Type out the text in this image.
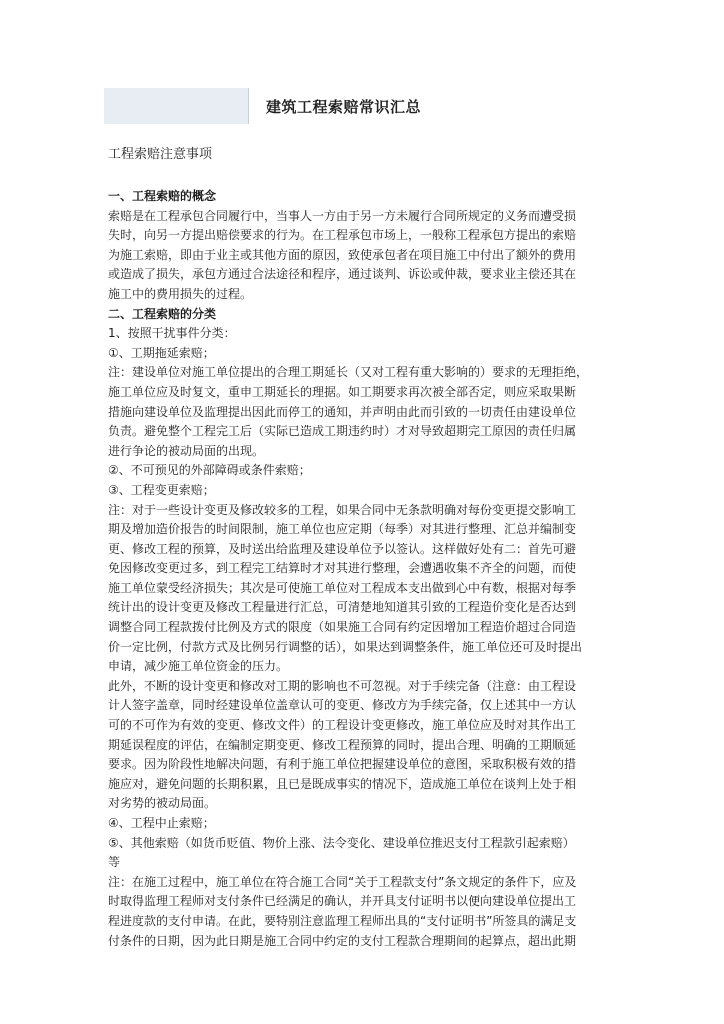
建筑工程索赔常识汇总

工程索赔注意事项

一、工程索赔的概念

索赔是在工程承包合同履行中，当事人一方由于另一方未履行合同所规定的义务而遭受损

失时，向另一方提出赔偿要求的行为。在工程承包市场上，一般称工程承包方提出的索赔

为施工索赔，即由于业主或其他方面的原因，致使承包者在项目施工中付出了额外的费用

或造成了损失，承包方通过合法途径和程序，通过谈判、诉讼或仲裁，要求业主偿还其在

施工中的费用损失的过程。

二、工程索赔的分类

1、按照干扰事件分类：

①、工期拖延索赔；

注：建设单位对施工单位提出的合理工期延长（又对工程有重大影响的）要求的无理拒绝，

施工单位应及时复文，重申工期延长的理据。如工期要求再次被全部否定，则应采取果断

措施向建设单位及监理提出因此而停工的通知，并声明由此而引致的一切责任由建设单位

负责。避免整个工程完工后（实际已造成工期违约时）才对导致超期完工原因的责任归属

进行争论的被动局面的出现。

②、不可预见的外部障碍或条件索赔；

③、工程变更索赔；

注：对于一些设计变更及修改较多的工程，如果合同中无条款明确对每份变更提交影响工

期及增加造价报告的时间限制，施工单位也应定期（每季）对其进行整理、汇总并编制变

更、修改工程的预算，及时送出给监理及建设单位予以签认。这样做好处有二：首先可避

免因修改变更过多，到工程完工结算时才对其进行整理，会遭遇收集不齐全的问题，而使

施工单位蒙受经济损失；其次是可使施工单位对工程成本支出做到心中有数，根据对每季

统计出的设计变更及修改工程量进行汇总，可清楚地知道其引致的工程造价变化是否达到

调整合同工程款拨付比例及方式的限度（如果施工合同有约定因增加工程造价超过合同造

价一定比例，付款方式及比例另行调整的话），如果达到调整条件，施工单位还可及时提出

申请，减少施工单位资金的压力。

此外，不断的设计变更和修改对工期的影响也不可忽视。对于手续完备（注意：由工程设

计人签字盖章，同时经建设单位盖章认可的变更、修改方为手续完备，仅上述其中一方认

可的不可作为有效的变更、修改文件）的工程设计变更修改，施工单位应及时对其作出工

期延误程度的评估，在编制定期变更、修改工程预算的同时，提出合理、明确的工期顺延

要求。因为阶段性地解决问题，有利于施工单位把握建设单位的意图，采取积极有效的措

施应对，避免问题的长期积累，且已是既成事实的情况下，造成施工单位在谈判上处于相

对劣势的被动局面。

④、工程中止索赔；

⑤、其他索赔（如货币贬值、物价上涨、法令变化、建设单位推迟支付工程款引起索赔）

等

注：在施工过程中，施工单位在符合施工合同“关于工程款支付”条文规定的条件下，应及

时取得监理工程师对支付条件已经满足的确认，并开具支付证明书以便向建设单位提出工

程进度款的支付申请。在此，要特别注意监理工程师出具的“支付证明书”所签具的满足支

付条件的日期，因为此日期是施工合同中约定的支付工程款合理期间的起算点，超出此期
